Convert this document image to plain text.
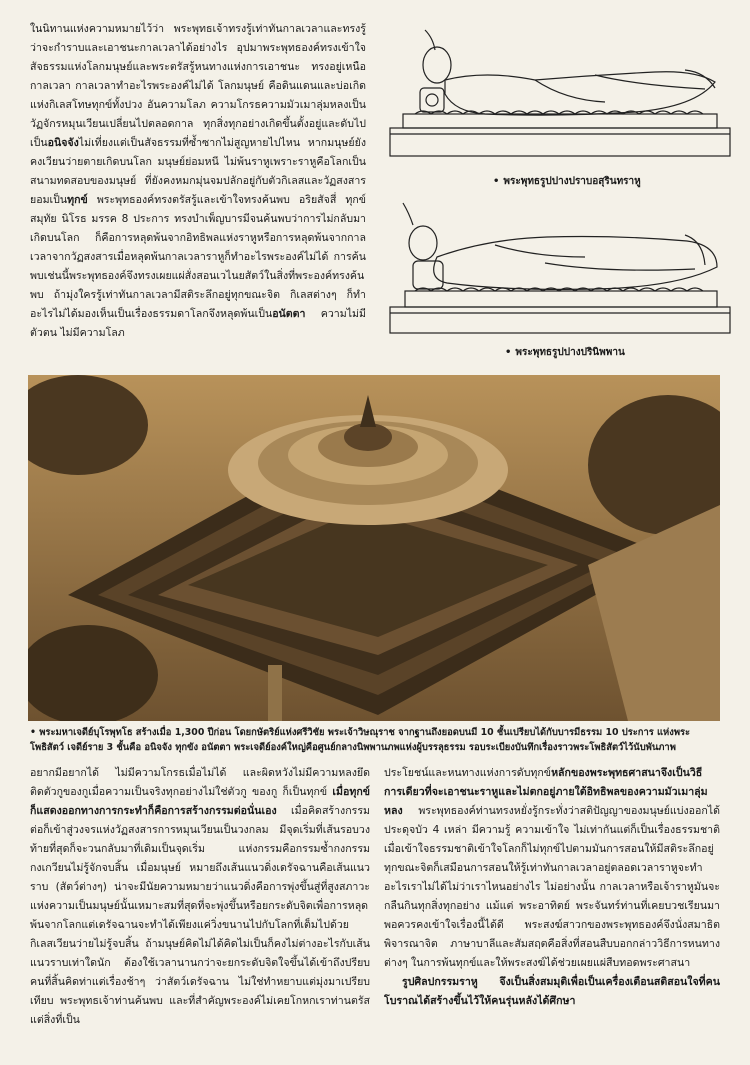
ในนิทานแห่งความหมายไว้ว่า พระพุทธเจ้าทรงรู้เท่าทันกาลเวลาและทรงรู้ว่าจะกำราบและเอาชนะกาลเวลาได้อย่างไร อุปมาพระพุทธองค์ทรงเข้าใจสัจธรรมแห่งโลกมนุษย์และพระตรัสรู้หนทางแห่งการเอาชนะ ทรงอยู่เหนือกาลเวลา กาลเวลาทำอะไรพระองค์ไม่ได้ โลกมนุษย์ คือดินแดนและบ่อเกิดแห่งกิเลสโทษทุกข์ทั้งปวง อันความโลภ ความโกรธความมัวเมาลุ่มหลงเป็นวัฏจักรหมุนเวียนเปลี่ยนไปตลอดกาล ทุกสิ่งทุกอย่างเกิดขึ้นตั้งอยู่และดับไปเป็นอนิจจังไม่เที่ยงแต่เป็นสัจธรรมที่ซ้ำซากไม่สูญหายไปไหน หากมนุษย์ยังคงเวียนว่ายตายเกิดบนโลก มนุษย์ย่อมหนี ไม่พ้นราหูเพราะราหูคือโลกเป็นสนามทดสอบของมนุษย์ ที่ยังคงหมกมุ่นจมปลักอยู่กับตัวกิเลสและวัฏสงสาร ยอมเป็นทุกข์ พระพุทธองค์ทรงตรัสรู้และเข้าใจทรงค้นพบ อริยสัจสี่ ทุกข์ สมุทัย นิโรธ มรรค 8 ประการ ทรงบำเพ็ญบารมีจนค้นพบว่าการไม่กลับมาเกิดบนโลก ก็คือการหลุดพ้นจากอิทธิพลแห่งราหูหรือการหลุดพ้นจากกาลเวลาจากวัฏสงสารเมื่อหลุดพ้นกาลเวลาราหูก็ทำอะไรพระองค์ไม่ได้ การค้นพบเช่นนี้พระพุทธองค์จึงทรงเผยแผ่สั่งสอนเวไนยสัตว์ในสิ่งที่พระองค์ทรงค้นพบ ถ้ามุ่งใครรู้เท่าทันกาลเวลามีสติระลึกอยู่ทุกขณะจิต กิเลสต่างๆ ก็ทำอะไรไม่ได้มองเห็นเป็นเรื่องธรรมดาโลกจึงหลุดพ้นเป็นอนัตตา ความไม่มีตัวตน ไม่มีความโลภ
• พระพุทธรูปปางปราบอสุรินทราหู
• พระพุทธรูปปางปรินิพพาน
• พระมหาเจดีย์บุโรพุทโธ สร้างเมื่อ 1,300 ปีก่อน โดยกษัตริย์แห่งศรีวิชัย พระเจ้าวิษณุราช จากฐานถึงยอดบนมี 10 ชั้นเปรียบได้กับบารมีธรรม 10 ประการ แห่งพระโพธิสัตว์ เจดีย์ราย 3 ชั้นคือ อนิจจัง ทุกขัง อนัตตา พระเจดีย์องค์ใหญ่คือศูนย์กลางนิพพานภพแห่งผู้บรรลุธรรม รอบระเบียงบันทึกเรื่องราวพระโพธิสัตว์ไว้นับพันภาพ
อยากมีอยากได้ ไม่มีความโกรธเมื่อไม่ได้ และผิดหวังไม่มีความหลงยึดติดตัวกูของกูเมื่อความเป็นจริงทุกอย่างไม่ใช่ตัวกู ของกู ก็เป็นทุกข์ เมื่อทุกข์ก็แสดงออกทางการกระทำก็คือการสร้างกรรมต่อนั่นเอง เมื่อคิดสร้างกรรมต่อก็เข้าสู่วงจรแห่งวัฏสงสารการหมุนเวียนเป็นวงกลม มีจุดเริ่มที่เส้นรอบวงท้ายที่สุดก็จะวนกลับมาที่เดิมเป็นจุดเริ่ม แห่งกรรมคือกรรมซ้ำกงกรรมกงเกวียนไม่รู้จักจบสิ้น เมื่อมนุษย์ หมายถึงเส้นแนวดิ่งเดรัจฉานคือเส้นแนวราบ (สัตว์ต่างๆ) น่าจะมีนัยความหมายว่าแนวดิ่งคือการพุ่งขึ้นสู่ที่สูงสภาวะแห่งความเป็นมนุษย์นั้นเหมาะสมที่สุดที่จะพุ่งขึ้นหรือยกระดับจิตเพื่อการหลุดพ้นจากโลกแต่เดรัจฉานจะทำได้เพียงแค่วิ่งขนานไปกับโลกที่เต็มไปด้วยกิเลสเวียนว่ายไม่รู้จบสิ้น ถ้ามนุษย์คิดไม่ได้คิดไม่เป็นก็คงไม่ต่างอะไรกับเส้นแนวราบเท่าใดนัก ต้องใช้เวลานานกว่าจะยกระดับจิตใจขึ้นได้เข้าถึงปรียบคนที่สิ้นคิดท่าแต่เรื่องช้าๆ ว่าสัตว์เดรัจฉาน ไม่ใช่ทำหยาบแต่มุ่งมาเปรียบเทียบ พระพุทธเจ้าท่านค้นพบ และที่สำคัญพระองค์ไม่เคยโกหกเราท่านตรัสแต่สิ่งที่เป็น
ประโยชน์และหนทางแห่งการดับทุกข์หลักของพระพุทธศาสนาจึงเป็นวิธีการเดียวที่จะเอาชนะราหูและไม่ตกอยู่ภายใต้อิทธิพลของความมัวเมาลุ่มหลง พระพุทธองค์ท่านทรงหยั่งรู้กระทั่งว่าสติปัญญาของมนุษย์แบ่งออกได้ประดุจบัว 4 เหล่า มีความรู้ ความเข้าใจ ไม่เท่ากันแต่ก็เป็นเรื่องธรรมชาติเมื่อเข้าใจธรรมชาติเข้าใจโลกก็ไม่ทุกข์ไปตามมันการสอนให้มีสติระลึกอยู่ทุกขณะจิตก็เสมือนการสอนให้รู้เท่าทันกาลเวลาอยู่ตลอดเวลาราหูจะทำอะไรเราไม่ได้ไม่ว่าเราไหนอย่างไร ไม่อย่างนั้น กาลเวลาหรือเจ้าราหูมันจะกลืนกินทุกสิ่งทุกอย่าง แม้แต่ พระอาทิตย์ พระจันทร์ท่านที่เคยบวชเรียนมาพอควรคงเข้าใจเรื่องนี้ได้ดี พระสงฆ์สาวกของพระพุทธองค์จึงนั่งสมาธิตพิจารณาจิต ภาษาบาลีและสัมสฤตคือสิ่งที่สอนสืบบอกกล่าววิธีการหนทางต่างๆ ในการพ้นทุกข์และให้พระสงฆ์ได้ช่วยเผยแผ่สืบทอดพระศาสนา
รูปศิลปกรรมราหู จึงเป็นสิ่งสมมุติเพื่อเป็นเครื่องเตือนสติสอนใจที่คนโบราณได้สร้างขึ้นไว้ให้คนรุ่นหลังได้ศึกษา
